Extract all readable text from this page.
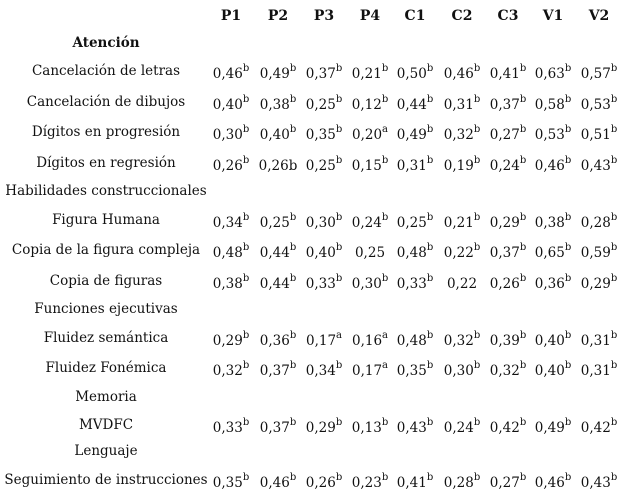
P1 P2 P3 P4 C1 C2 C3 V1 V2
Atención
Cancelación de letras 0,46$^b$ 0,49$^b$ 0,37$^b$ 0,21$^b$ 0,50$^b$ 0,46$^b$ 0,41$^b$ 0,63$^b$ 0,57$^b$
Cancelación de dibujos 0,40$^b$ 0,38$^b$ 0,25$^b$ 0,12$^b$ 0,44$^b$ 0,31$^b$ 0,37$^b$ 0,58$^b$ 0,53$^b$
Dígitos en progresión 0,30$^b$ 0,40$^b$ 0,35$^b$ 0,20$^a$ 0,49$^b$ 0,32$^b$ 0,27$^b$ 0,53$^b$ 0,51$^b$
Dígitos en regresión	0,26$^b$ 0,26b 0,25$^b$ 0,15$^b$ 0,31$^b$ 0,19$^b$ 0,24$^b$ 0,46$^b$ 0,43$^b$
Habilidades construccionales
Figura Humana	0,34$^b$ 0,25$^b$ 0,30$^b$ 0,24$^b$ 0,25$^b$ 0,21$^b$ 0,29$^b$ 0,38$^b$ 0,28$^b$
Copia de la figura compleja 0,48$^b$ 0,44$^b$ 0,40$^b$ 0,25 0,48$^b$ 0,22$^b$ 0,37$^b$ 0,65$^b$ 0,59$^b$
Copia de figuras	0,38$^b$ 0,44$^b$ 0,33$^b$ 0,30$^b$ 0,33$^b$ 0,22 0,26$^b$ 0,36$^b$ 0,29$^b$
Funciones ejecutivas
Fluidez semántica	0,29$^b$ 0,36$^b$ 0,17$^a$ 0,16$^a$ 0,48$^b$ 0,32$^b$ 0,39$^b$ 0,40$^b$ 0,31$^b$
Fluidez Fonémica	0,32$^b$ 0,37$^b$ 0,34$^b$ 0,17$^a$ 0,35$^b$ 0,30$^b$ 0,32$^b$ 0,40$^b$ 0,31$^b$
Memoria
MVDFC	0,33$^b$ 0,37$^b$ 0,29$^b$ 0,13$^b$ 0,43$^b$ 0,24$^b$ 0,42$^b$ 0,49$^b$ 0,42$^b$
Lenguaje
Seguimiento de instrucciones 0,35$^b$ 0,46$^b$ 0,26$^b$ 0,23$^b$ 0,41$^b$ 0,28$^b$ 0,27$^b$ 0,46$^b$ 0,43$^b$
